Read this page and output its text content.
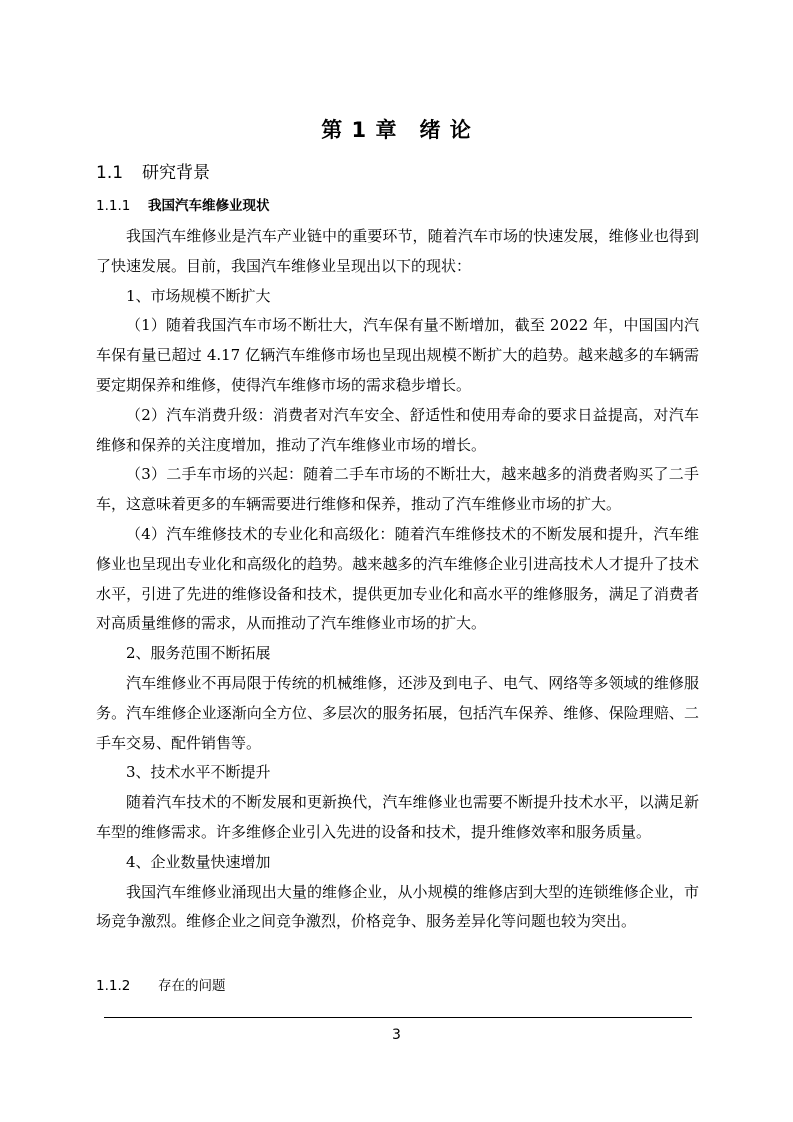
第 1 章　绪 论
1.1 研究背景
1.1.1 我国汽车维修业现状

我国汽车维修业是汽车产业链中的重要环节，随着汽车市场的快速发展，维修业也得到了快速发展。目前，我国汽车维修业呈现出以下的现状：

1、市场规模不断扩大

（1）随着我国汽车市场不断壮大，汽车保有量不断增加，截至 2022 年，中国国内汽车保有量已超过 4.17 亿辆汽车维修市场也呈现出规模不断扩大的趋势。越来越多的车辆需要定期保养和维修，使得汽车维修市场的需求稳步增长。

（2）汽车消费升级：消费者对汽车安全、舒适性和使用寿命的要求日益提高，对汽车维修和保养的关注度增加，推动了汽车维修业市场的增长。

（3）二手车市场的兴起：随着二手车市场的不断壮大，越来越多的消费者购买了二手车，这意味着更多的车辆需要进行维修和保养，推动了汽车维修业市场的扩大。

（4）汽车维修技术的专业化和高级化：随着汽车维修技术的不断发展和提升，汽车维修业也呈现出专业化和高级化的趋势。越来越多的汽车维修企业引进高技术人才提升了技术水平，引进了先进的维修设备和技术，提供更加专业化和高水平的维修服务，满足了消费者对高质量维修的需求，从而推动了汽车维修业市场的扩大。

2、服务范围不断拓展

汽车维修业不再局限于传统的机械维修，还涉及到电子、电气、网络等多领域的维修服务。汽车维修企业逐渐向全方位、多层次的服务拓展，包括汽车保养、维修、保险理赔、二手车交易、配件销售等。

3、技术水平不断提升

随着汽车技术的不断发展和更新换代，汽车维修业也需要不断提升技术水平，以满足新车型的维修需求。许多维修企业引入先进的设备和技术，提升维修效率和服务质量。

4、企业数量快速增加

我国汽车维修业涌现出大量的维修企业，从小规模的维修店到大型的连锁维修企业，市场竞争激烈。维修企业之间竞争激烈，价格竞争、服务差异化等问题也较为突出。

1.1.2 存在的问题
3
